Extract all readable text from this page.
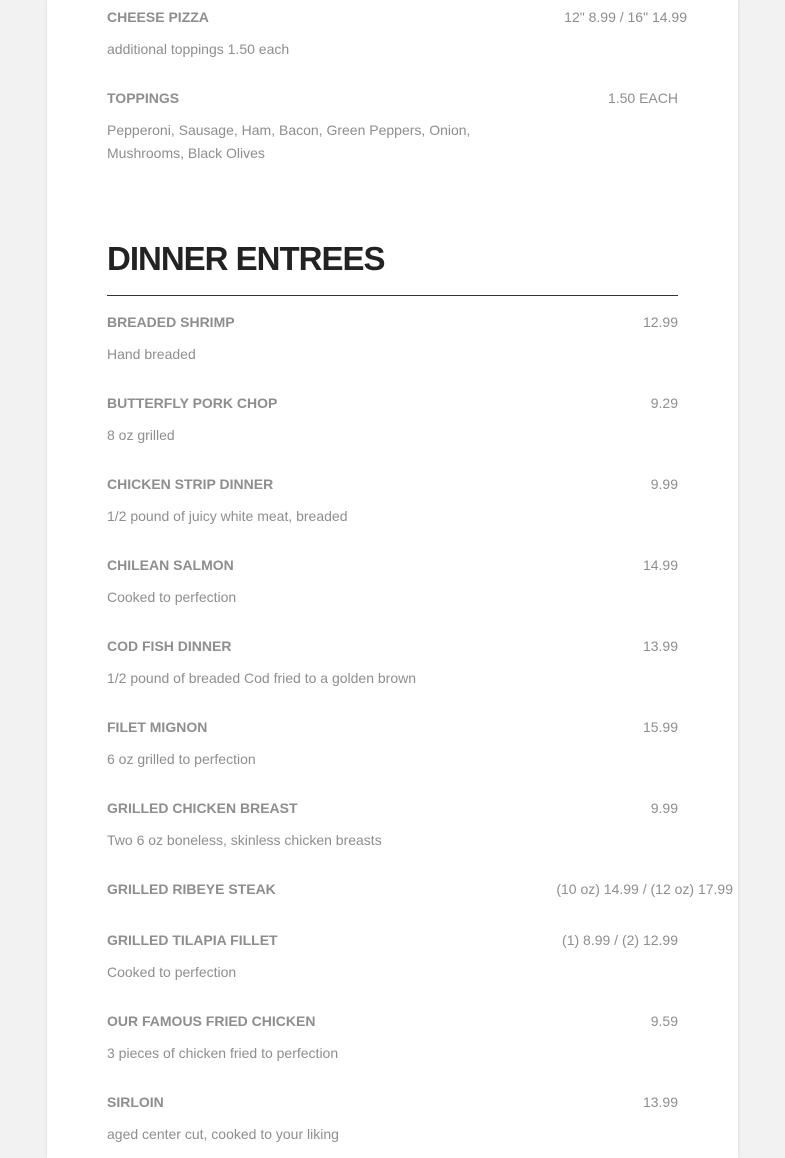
CHEESE PIZZA	12" 8.99 / 16" 14.99
additional toppings 1.50 each
TOPPINGS	1.50 EACH
Pepperoni, Sausage, Ham, Bacon, Green Peppers, Onion, Mushrooms, Black Olives
DINNER ENTREES
BREADED SHRIMP	12.99
Hand breaded
BUTTERFLY PORK CHOP	9.29
8 oz grilled
CHICKEN STRIP DINNER	9.99
1/2 pound of juicy white meat, breaded
CHILEAN SALMON	14.99
Cooked to perfection
COD FISH DINNER	13.99
1/2 pound of breaded Cod fried to a golden brown
FILET MIGNON	15.99
6 oz grilled to perfection
GRILLED CHICKEN BREAST	9.99
Two 6 oz boneless, skinless chicken breasts
GRILLED RIBEYE STEAK	(10 oz) 14.99 / (12 oz) 17.99
GRILLED TILAPIA FILLET	(1) 8.99 / (2) 12.99
Cooked to perfection
OUR FAMOUS FRIED CHICKEN	9.59
3 pieces of chicken fried to perfection
SIRLOIN	13.99
aged center cut, cooked to your liking
